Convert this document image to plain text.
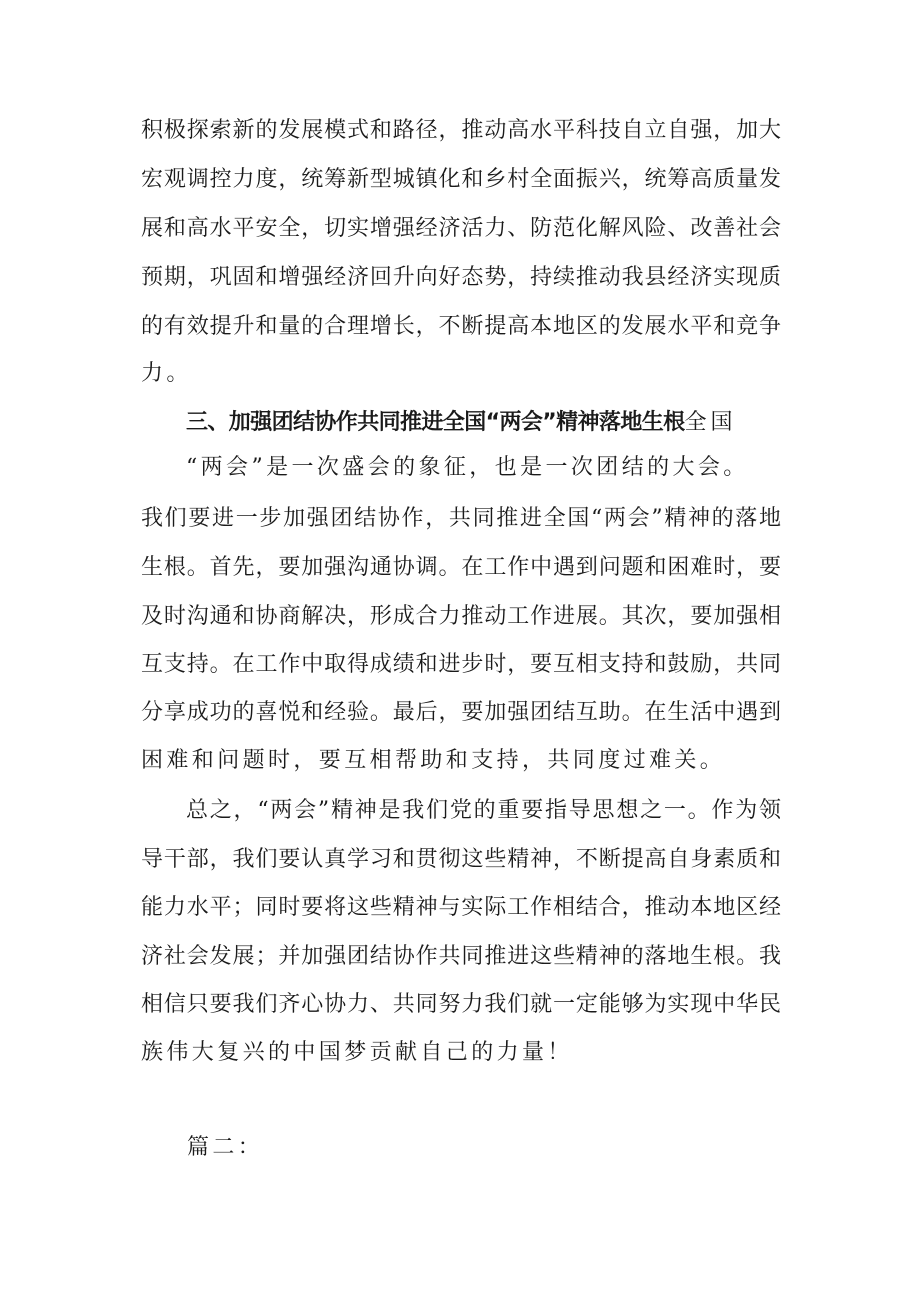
积极探索新的发展模式和路径，推动高水平科技自立自强，加大
宏观调控力度，统筹新型城镇化和乡村全面振兴，统筹高质量发
展和高水平安全，切实增强经济活力、防范化解风险、改善社会
预期，巩固和增强经济回升向好态势，持续推动我县经济实现质
的有效提升和量的合理增长，不断提高本地区的发展水平和竞争
力。
三、加强团结协作共同推进全国“两会”精神落地生根全国
“两会”是一次盛会的象征，也是一次团结的大会。
我们要进一步加强团结协作，共同推进全国“两会”精神的落地
生根。首先，要加强沟通协调。在工作中遇到问题和困难时，要
及时沟通和协商解决，形成合力推动工作进展。其次，要加强相
互支持。在工作中取得成绩和进步时，要互相支持和鼓励，共同
分享成功的喜悦和经验。最后，要加强团结互助。在生活中遇到
困难和问题时，要互相帮助和支持，共同度过难关。
总之，“两会”精神是我们党的重要指导思想之一。作为领
导干部，我们要认真学习和贯彻这些精神，不断提高自身素质和
能力水平；同时要将这些精神与实际工作相结合，推动本地区经
济社会发展；并加强团结协作共同推进这些精神的落地生根。我
相信只要我们齐心协力、共同努力我们就一定能够为实现中华民
族伟大复兴的中国梦贡献自己的力量！
篇二：
